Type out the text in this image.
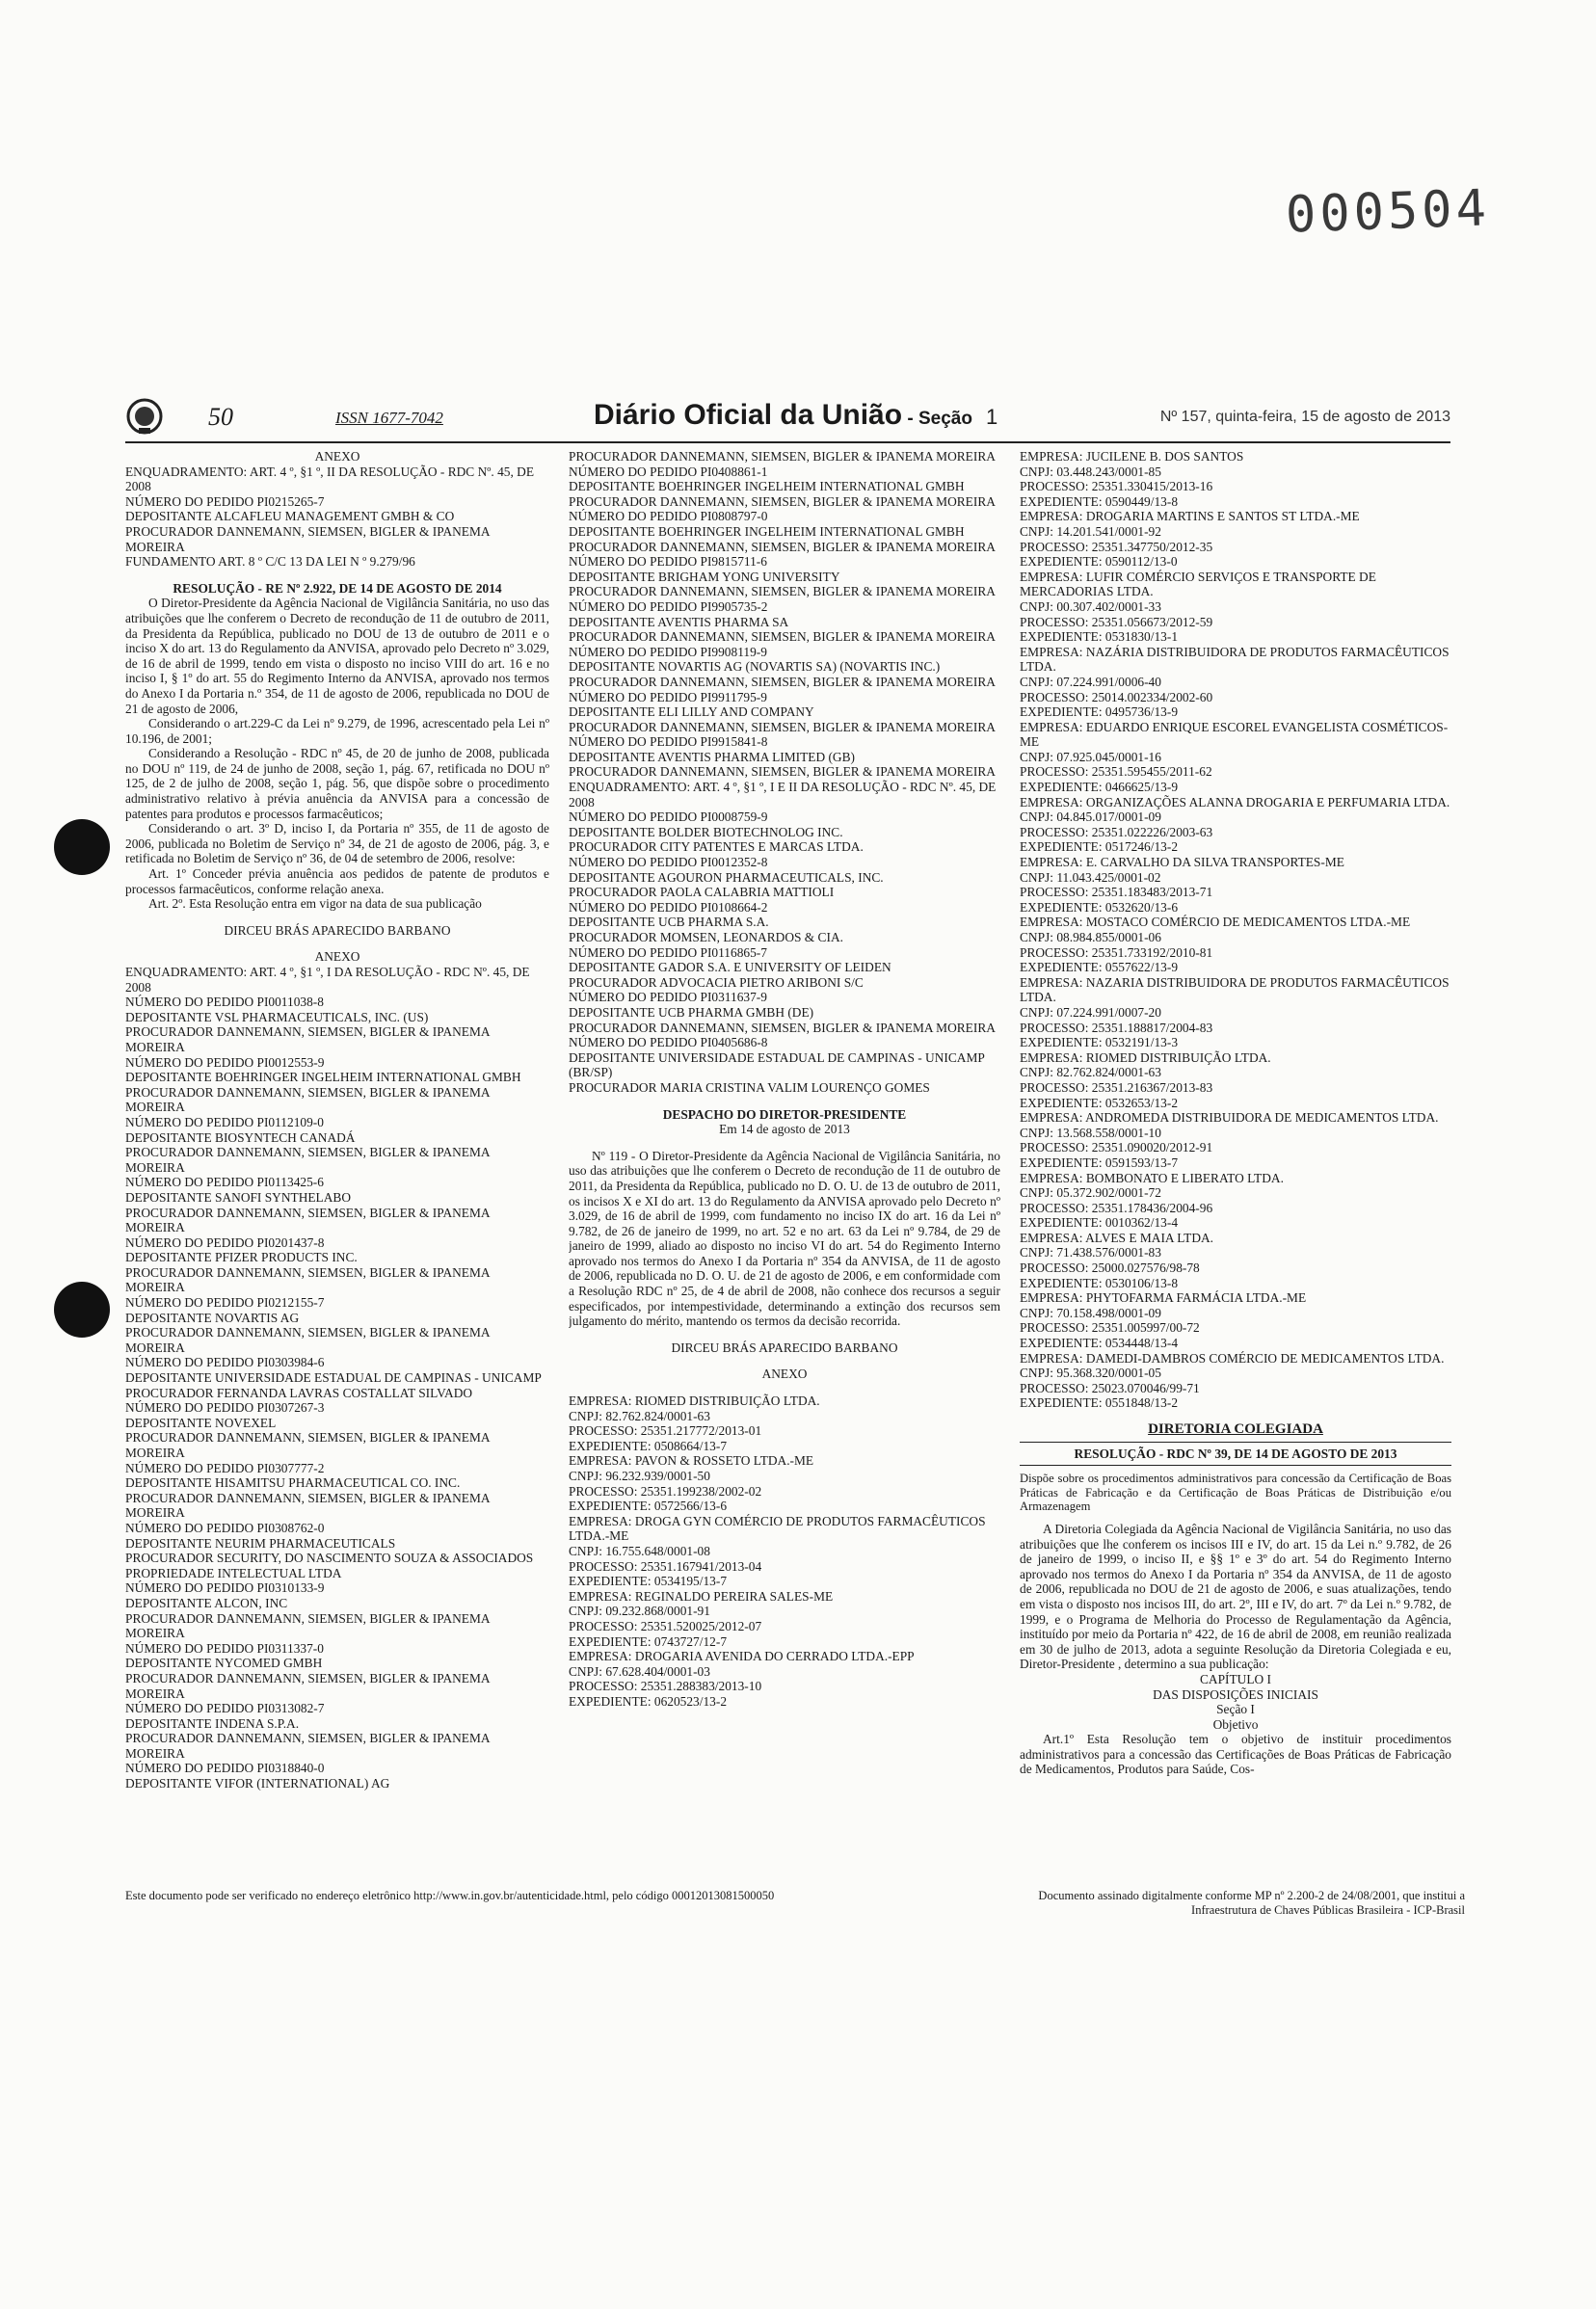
000504
50	ISSN 1677-7042	Diário Oficial da União - Seção 1	Nº 157, quinta-feira, 15 de agosto de 2013

ANEXO

ENQUADRAMENTO: ART. 4 º, §1 º, II DA RESOLUÇÃO - RDC Nº. 45, DE 2008

NÚMERO DO PEDIDO PI0215265-7

DEPOSITANTE ALCAFLEU MANAGEMENT GMBH & CO

PROCURADOR DANNEMANN, SIEMSEN, BIGLER & IPANEMA MOREIRA

FUNDAMENTO ART. 8 º C/C 13 DA LEI N º 9.279/96

RESOLUÇÃO - RE Nº 2.922, DE 14 DE AGOSTO DE 2014

O Diretor-Presidente da Agência Nacional de Vigilância Sanitária, no uso das atribuições que lhe conferem o Decreto de recondução de 11 de outubro de 2011, da Presidenta da República, publicado no DOU de 13 de outubro de 2011 e o inciso X do art. 13 do Regulamento da ANVISA, aprovado pelo Decreto nº 3.029, de 16 de abril de 1999, tendo em vista o disposto no inciso VIII do art. 16 e no inciso I, § 1º do art. 55 do Regimento Interno da ANVISA, aprovado nos termos do Anexo I da Portaria n.º 354, de 11 de agosto de 2006, republicada no DOU de 21 de agosto de 2006,

Considerando o art.229-C da Lei nº 9.279, de 1996, acrescentado pela Lei nº 10.196, de 2001;

Considerando a Resolução - RDC nº 45, de 20 de junho de 2008, publicada no DOU nº 119, de 24 de junho de 2008, seção 1, pág. 67, retificada no DOU nº 125, de 2 de julho de 2008, seção 1, pág. 56, que dispõe sobre o procedimento administrativo relativo à prévia anuência da ANVISA para a concessão de patentes para produtos e processos farmacêuticos;

Considerando o art. 3º D, inciso I, da Portaria nº 355, de 11 de agosto de 2006, publicada no Boletim de Serviço nº 34, de 21 de agosto de 2006, pág. 3, e retificada no Boletim de Serviço nº 36, de 04 de setembro de 2006, resolve:

Art. 1º Conceder prévia anuência aos pedidos de patente de produtos e processos farmacêuticos, conforme relação anexa.

Art. 2º. Esta Resolução entra em vigor na data de sua publicação

DIRCEU BRÁS APARECIDO BARBANO

ANEXO

ENQUADRAMENTO: ART. 4 º, §1 º, I DA RESOLUÇÃO - RDC Nº. 45, DE 2008

NÚMERO DO PEDIDO PI0011038-8

DEPOSITANTE VSL PHARMACEUTICALS, INC. (US)

PROCURADOR DANNEMANN, SIEMSEN, BIGLER & IPANEMA MOREIRA

NÚMERO DO PEDIDO PI0012553-9

DEPOSITANTE BOEHRINGER INGELHEIM INTERNATIONAL GMBH

PROCURADOR DANNEMANN, SIEMSEN, BIGLER & IPANEMA MOREIRA

NÚMERO DO PEDIDO PI0112109-0

DEPOSITANTE BIOSYNTECH CANADÁ

PROCURADOR DANNEMANN, SIEMSEN, BIGLER & IPANEMA MOREIRA

NÚMERO DO PEDIDO PI0113425-6

DEPOSITANTE SANOFI SYNTHELABO

PROCURADOR DANNEMANN, SIEMSEN, BIGLER & IPANEMA MOREIRA

NÚMERO DO PEDIDO PI0201437-8

DEPOSITANTE PFIZER PRODUCTS INC.

PROCURADOR DANNEMANN, SIEMSEN, BIGLER & IPANEMA MOREIRA

NÚMERO DO PEDIDO PI0212155-7

DEPOSITANTE NOVARTIS AG

PROCURADOR DANNEMANN, SIEMSEN, BIGLER & IPANEMA MOREIRA

NÚMERO DO PEDIDO PI0303984-6

DEPOSITANTE UNIVERSIDADE ESTADUAL DE CAMPINAS - UNICAMP

PROCURADOR FERNANDA LAVRAS COSTALLAT SILVADO

NÚMERO DO PEDIDO PI0307267-3

DEPOSITANTE NOVEXEL

PROCURADOR DANNEMANN, SIEMSEN, BIGLER & IPANEMA MOREIRA

NÚMERO DO PEDIDO PI0307777-2

DEPOSITANTE HISAMITSU PHARMACEUTICAL CO. INC.

PROCURADOR DANNEMANN, SIEMSEN, BIGLER & IPANEMA MOREIRA

NÚMERO DO PEDIDO PI0308762-0

DEPOSITANTE NEURIM PHARMACEUTICALS

PROCURADOR SECURITY, DO NASCIMENTO SOUZA & ASSOCIADOS PROPRIEDADE INTELECTUAL LTDA

NÚMERO DO PEDIDO PI0310133-9

DEPOSITANTE ALCON, INC

PROCURADOR DANNEMANN, SIEMSEN, BIGLER & IPANEMA MOREIRA

NÚMERO DO PEDIDO PI0311337-0

DEPOSITANTE NYCOMED GMBH

PROCURADOR DANNEMANN, SIEMSEN, BIGLER & IPANEMA MOREIRA

NÚMERO DO PEDIDO PI0313082-7

DEPOSITANTE INDENA S.P.A.

PROCURADOR DANNEMANN, SIEMSEN, BIGLER & IPANEMA MOREIRA

NÚMERO DO PEDIDO PI0318840-0

DEPOSITANTE VIFOR (INTERNATIONAL) AG

PROCURADOR DANNEMANN, SIEMSEN, BIGLER & IPANEMA MOREIRA

NÚMERO DO PEDIDO PI0408861-1

DEPOSITANTE BOEHRINGER INGELHEIM INTERNATIONAL GMBH

PROCURADOR DANNEMANN, SIEMSEN, BIGLER & IPANEMA MOREIRA

NÚMERO DO PEDIDO PI0808797-0

DEPOSITANTE BOEHRINGER INGELHEIM INTERNATIONAL GMBH

PROCURADOR DANNEMANN, SIEMSEN, BIGLER & IPANEMA MOREIRA

NÚMERO DO PEDIDO PI9815711-6

DEPOSITANTE BRIGHAM YONG UNIVERSITY

PROCURADOR DANNEMANN, SIEMSEN, BIGLER & IPANEMA MOREIRA

NÚMERO DO PEDIDO PI9905735-2

DEPOSITANTE AVENTIS PHARMA SA

PROCURADOR DANNEMANN, SIEMSEN, BIGLER & IPANEMA MOREIRA

NÚMERO DO PEDIDO PI9908119-9

DEPOSITANTE NOVARTIS AG (NOVARTIS SA) (NOVARTIS INC.)

PROCURADOR DANNEMANN, SIEMSEN, BIGLER & IPANEMA MOREIRA

NÚMERO DO PEDIDO PI9911795-9

DEPOSITANTE ELI LILLY AND COMPANY

PROCURADOR DANNEMANN, SIEMSEN, BIGLER & IPANEMA MOREIRA

NÚMERO DO PEDIDO PI9915841-8

DEPOSITANTE AVENTIS PHARMA LIMITED (GB)

PROCURADOR DANNEMANN, SIEMSEN, BIGLER & IPANEMA MOREIRA

ENQUADRAMENTO: ART. 4 º, §1 º, I E II DA RESOLUÇÃO - RDC Nº. 45, DE 2008

NÚMERO DO PEDIDO PI0008759-9

DEPOSITANTE BOLDER BIOTECHNOLOG INC.

PROCURADOR CITY PATENTES E MARCAS LTDA.

NÚMERO DO PEDIDO PI0012352-8

DEPOSITANTE AGOURON PHARMACEUTICALS, INC.

PROCURADOR PAOLA CALABRIA MATTIOLI

NÚMERO DO PEDIDO PI0108664-2

DEPOSITANTE UCB PHARMA S.A.

PROCURADOR MOMSEN, LEONARDOS & CIA.

NÚMERO DO PEDIDO PI0116865-7

DEPOSITANTE GADOR S.A. E UNIVERSITY OF LEIDEN

PROCURADOR ADVOCACIA PIETRO ARIBONI S/C

NÚMERO DO PEDIDO PI0311637-9

DEPOSITANTE UCB PHARMA GMBH (DE)

PROCURADOR DANNEMANN, SIEMSEN, BIGLER & IPANEMA MOREIRA

NÚMERO DO PEDIDO PI0405686-8

DEPOSITANTE UNIVERSIDADE ESTADUAL DE CAMPINAS - UNICAMP (BR/SP)

PROCURADOR MARIA CRISTINA VALIM LOURENÇO GOMES

DESPACHO DO DIRETOR-PRESIDENTE

Em 14 de agosto de 2013

Nº 119 - O Diretor-Presidente da Agência Nacional de Vigilância Sanitária, no uso das atribuições que lhe conferem o Decreto de recondução de 11 de outubro de 2011, da Presidenta da República, publicado no D. O. U. de 13 de outubro de 2011, os incisos X e XI do art. 13 do Regulamento da ANVISA aprovado pelo Decreto nº 3.029, de 16 de abril de 1999, com fundamento no inciso IX do art. 16 da Lei nº 9.782, de 26 de janeiro de 1999, no art. 52 e no art. 63 da Lei nº 9.784, de 29 de janeiro de 1999, aliado ao disposto no inciso VI do art. 54 do Regimento Interno aprovado nos termos do Anexo I da Portaria nº 354 da ANVISA, de 11 de agosto de 2006, republicada no D. O. U. de 21 de agosto de 2006, e em conformidade com a Resolução RDC nº 25, de 4 de abril de 2008, não conhece dos recursos a seguir especificados, por intempestividade, determinando a extinção dos recursos sem julgamento do mérito, mantendo os termos da decisão recorrida.

DIRCEU BRÁS APARECIDO BARBANO

ANEXO

EMPRESA: RIOMED DISTRIBUIÇÃO LTDA.

CNPJ: 82.762.824/0001-63

PROCESSO: 25351.217772/2013-01

EXPEDIENTE: 0508664/13-7

EMPRESA: PAVON & ROSSETO LTDA.-ME

CNPJ: 96.232.939/0001-50

PROCESSO: 25351.199238/2002-02

EXPEDIENTE: 0572566/13-6

EMPRESA: DROGA GYN COMÉRCIO DE PRODUTOS FARMACÊUTICOS LTDA.-ME

CNPJ: 16.755.648/0001-08

PROCESSO: 25351.167941/2013-04

EXPEDIENTE: 0534195/13-7

EMPRESA: REGINALDO PEREIRA SALES-ME

CNPJ: 09.232.868/0001-91

PROCESSO: 25351.520025/2012-07

EXPEDIENTE: 0743727/12-7

EMPRESA: DROGARIA AVENIDA DO CERRADO LTDA.-EPP

CNPJ: 67.628.404/0001-03

PROCESSO: 25351.288383/2013-10

EXPEDIENTE: 0620523/13-2

EMPRESA: JUCILENE B. DOS SANTOS

CNPJ: 03.448.243/0001-85

PROCESSO: 25351.330415/2013-16

EXPEDIENTE: 0590449/13-8

EMPRESA: DROGARIA MARTINS E SANTOS ST LTDA.-ME

CNPJ: 14.201.541/0001-92

PROCESSO: 25351.347750/2012-35

EXPEDIENTE: 0590112/13-0

EMPRESA: LUFIR COMÉRCIO SERVIÇOS E TRANSPORTE DE MERCADORIAS LTDA.

CNPJ: 00.307.402/0001-33

PROCESSO: 25351.056673/2012-59

EXPEDIENTE: 0531830/13-1

EMPRESA: NAZÁRIA DISTRIBUIDORA DE PRODUTOS FARMACÊUTICOS LTDA.

CNPJ: 07.224.991/0006-40

PROCESSO: 25014.002334/2002-60

EXPEDIENTE: 0495736/13-9

EMPRESA: EDUARDO ENRIQUE ESCOREL EVANGELISTA COSMÉTICOS-ME

CNPJ: 07.925.045/0001-16

PROCESSO: 25351.595455/2011-62

EXPEDIENTE: 0466625/13-9

EMPRESA: ORGANIZAÇÕES ALANNA DROGARIA E PERFUMARIA LTDA.

CNPJ: 04.845.017/0001-09

PROCESSO: 25351.022226/2003-63

EXPEDIENTE: 0517246/13-2

EMPRESA: E. CARVALHO DA SILVA TRANSPORTES-ME

CNPJ: 11.043.425/0001-02

PROCESSO: 25351.183483/2013-71

EXPEDIENTE: 0532620/13-6

EMPRESA: MOSTACO COMÉRCIO DE MEDICAMENTOS LTDA.-ME

CNPJ: 08.984.855/0001-06

PROCESSO: 25351.733192/2010-81

EXPEDIENTE: 0557622/13-9

EMPRESA: NAZARIA DISTRIBUIDORA DE PRODUTOS FARMACÊUTICOS LTDA.

CNPJ: 07.224.991/0007-20

PROCESSO: 25351.188817/2004-83

EXPEDIENTE: 0532191/13-3

EMPRESA: RIOMED DISTRIBUIÇÃO LTDA.

CNPJ: 82.762.824/0001-63

PROCESSO: 25351.216367/2013-83

EXPEDIENTE: 0532653/13-2

EMPRESA: ANDROMEDA DISTRIBUIDORA DE MEDICAMENTOS LTDA.

CNPJ: 13.568.558/0001-10

PROCESSO: 25351.090020/2012-91

EXPEDIENTE: 0591593/13-7

EMPRESA: BOMBONATO E LIBERATO LTDA.

CNPJ: 05.372.902/0001-72

PROCESSO: 25351.178436/2004-96

EXPEDIENTE: 0010362/13-4

EMPRESA: ALVES E MAIA LTDA.

CNPJ: 71.438.576/0001-83

PROCESSO: 25000.027576/98-78

EXPEDIENTE: 0530106/13-8

EMPRESA: PHYTOFARMA FARMÁCIA LTDA.-ME

CNPJ: 70.158.498/0001-09

PROCESSO: 25351.005997/00-72

EXPEDIENTE: 0534448/13-4

EMPRESA: DAMEDI-DAMBROS COMÉRCIO DE MEDICAMENTOS LTDA.

CNPJ: 95.368.320/0001-05

PROCESSO: 25023.070046/99-71

EXPEDIENTE: 0551848/13-2

DIRETORIA COLEGIADA

RESOLUÇÃO - RDC Nº 39, DE 14 DE AGOSTO DE 2013

Dispõe sobre os procedimentos administrativos para concessão da Certificação de Boas Práticas de Fabricação e da Certificação de Boas Práticas de Distribuição e/ou Armazenagem

A Diretoria Colegiada da Agência Nacional de Vigilância Sanitária, no uso das atribuições que lhe conferem os incisos III e IV, do art. 15 da Lei n.º 9.782, de 26 de janeiro de 1999, o inciso II, e §§ 1º e 3º do art. 54 do Regimento Interno aprovado nos termos do Anexo I da Portaria nº 354 da ANVISA, de 11 de agosto de 2006, republicada no DOU de 21 de agosto de 2006, e suas atualizações, tendo em vista o disposto nos incisos III, do art. 2º, III e IV, do art. 7º da Lei n.º 9.782, de 1999, e o Programa de Melhoria do Processo de Regulamentação da Agência, instituído por meio da Portaria nº 422, de 16 de abril de 2008, em reunião realizada em 30 de julho de 2013, adota a seguinte Resolução da Diretoria Colegiada e eu, Diretor-Presidente , determino a sua publicação:

CAPÍTULO I

DAS DISPOSIÇÕES INICIAIS

Seção I

Objetivo

Art.1º Esta Resolução tem o objetivo de instituir procedimentos administrativos para a concessão das Certificações de Boas Práticas de Fabricação de Medicamentos, Produtos para Saúde, Cos-

Este documento pode ser verificado no endereço eletrônico http://www.in.gov.br/autenticidade.html, pelo código 00012013081500050	Documento assinado digitalmente conforme MP nº 2.200-2 de 24/08/2001, que institui a
Infraestrutura de Chaves Públicas Brasileira - ICP-Brasil
